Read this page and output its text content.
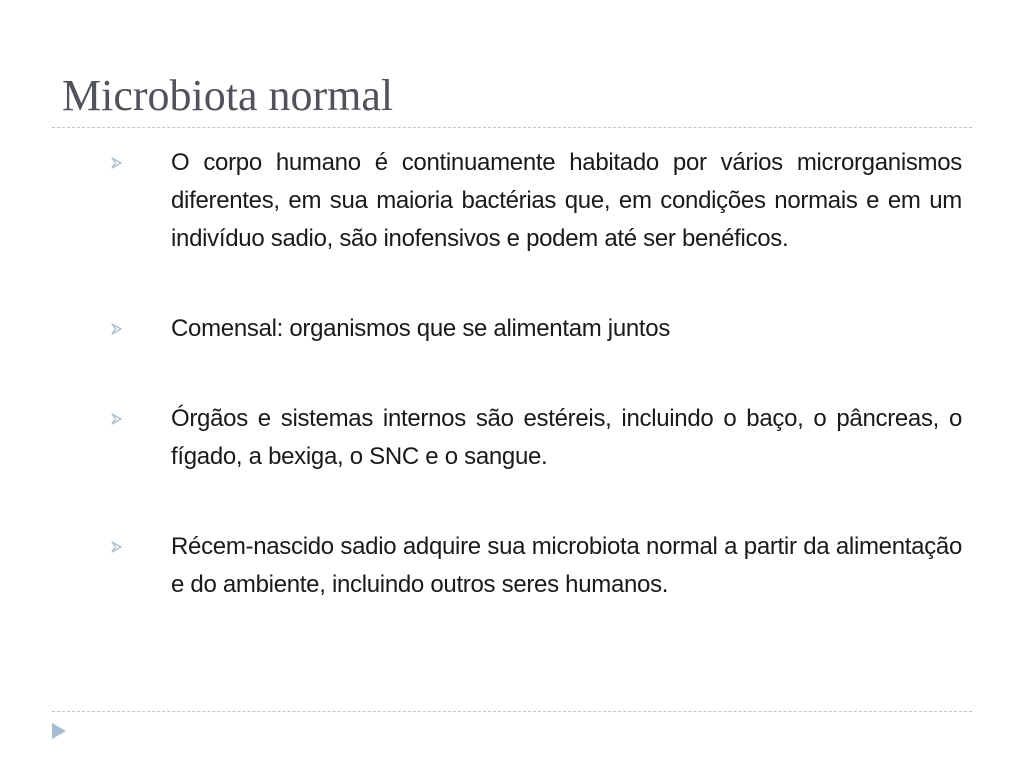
Microbiota normal
O corpo humano é continuamente habitado por vários microrganismos diferentes, em sua maioria bactérias que, em condições normais e em um indivíduo sadio, são inofensivos e podem até ser benéficos.
Comensal: organismos que se alimentam juntos
Órgãos e sistemas internos são estéreis, incluindo o baço, o pâncreas, o fígado, a bexiga, o SNC e o sangue.
Récem-nascido sadio adquire sua microbiota normal a partir da alimentação e do ambiente, incluindo outros seres humanos.
